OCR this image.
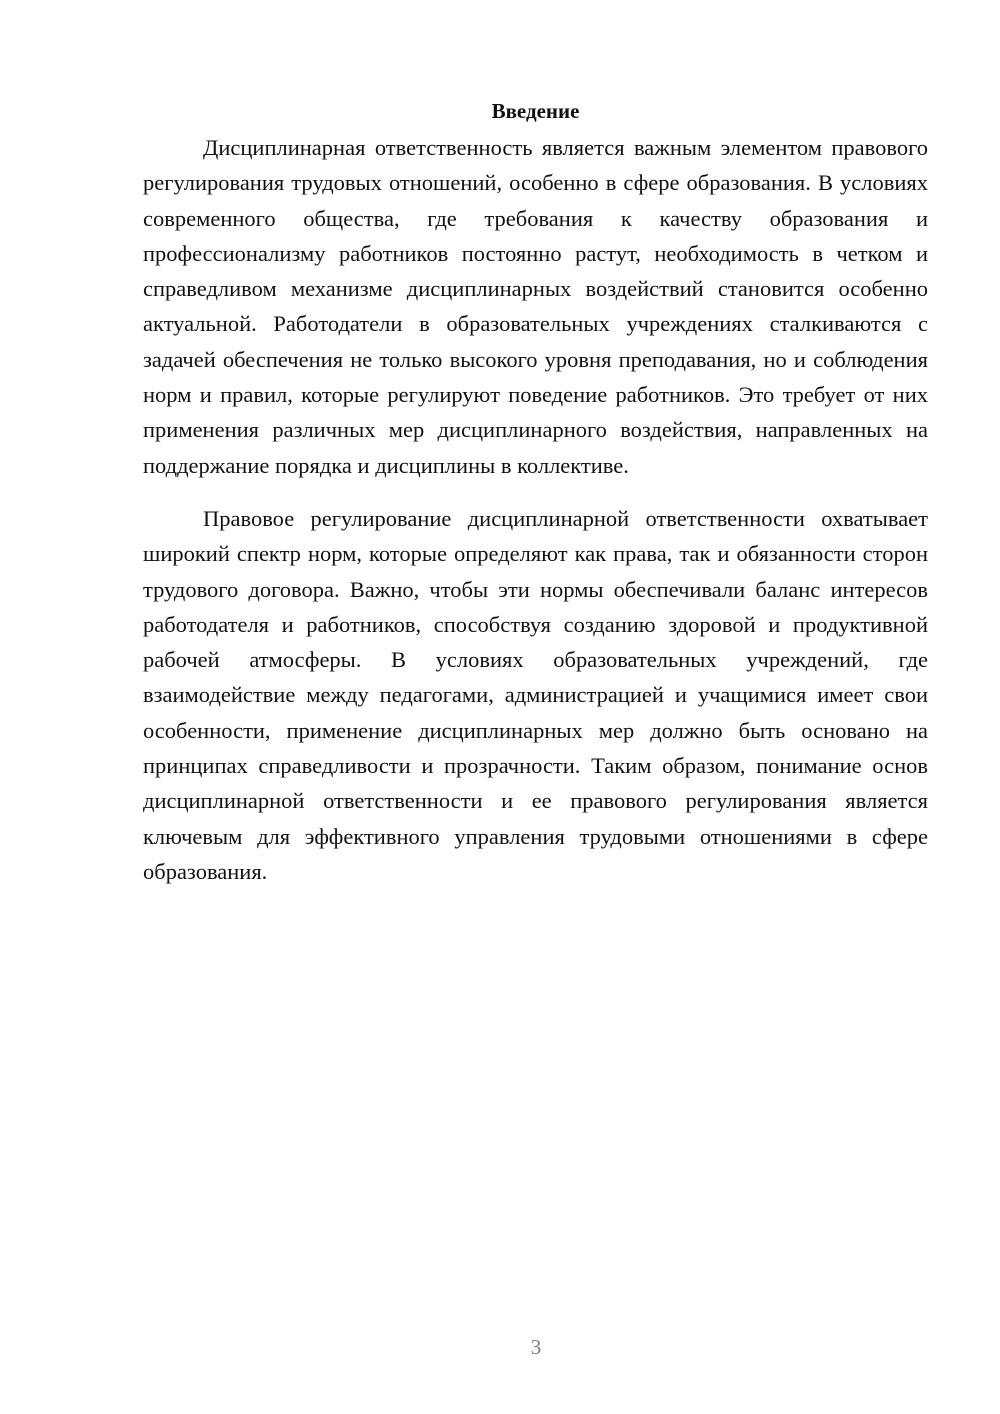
Введение

Дисциплинарная ответственность является важным элементом правового регулирования трудовых отношений, особенно в сфере образования. В условиях современного общества, где требования к качеству образования и профессионализму работников постоянно растут, необходимость в четком и справедливом механизме дисциплинарных воздействий становится особенно актуальной. Работодатели в образовательных учреждениях сталкиваются с задачей обеспечения не только высокого уровня преподавания, но и соблюдения норм и правил, которые регулируют поведение работников. Это требует от них применения различных мер дисциплинарного воздействия, направленных на поддержание порядка и дисциплины в коллективе.

Правовое регулирование дисциплинарной ответственности охватывает широкий спектр норм, которые определяют как права, так и обязанности сторон трудового договора. Важно, чтобы эти нормы обеспечивали баланс интересов работодателя и работников, способствуя созданию здоровой и продуктивной рабочей атмосферы. В условиях образовательных учреждений, где взаимодействие между педагогами, администрацией и учащимися имеет свои особенности, применение дисциплинарных мер должно быть основано на принципах справедливости и прозрачности. Таким образом, понимание основ дисциплинарной ответственности и ее правового регулирования является ключевым для эффективного управления трудовыми отношениями в сфере образования.

3
